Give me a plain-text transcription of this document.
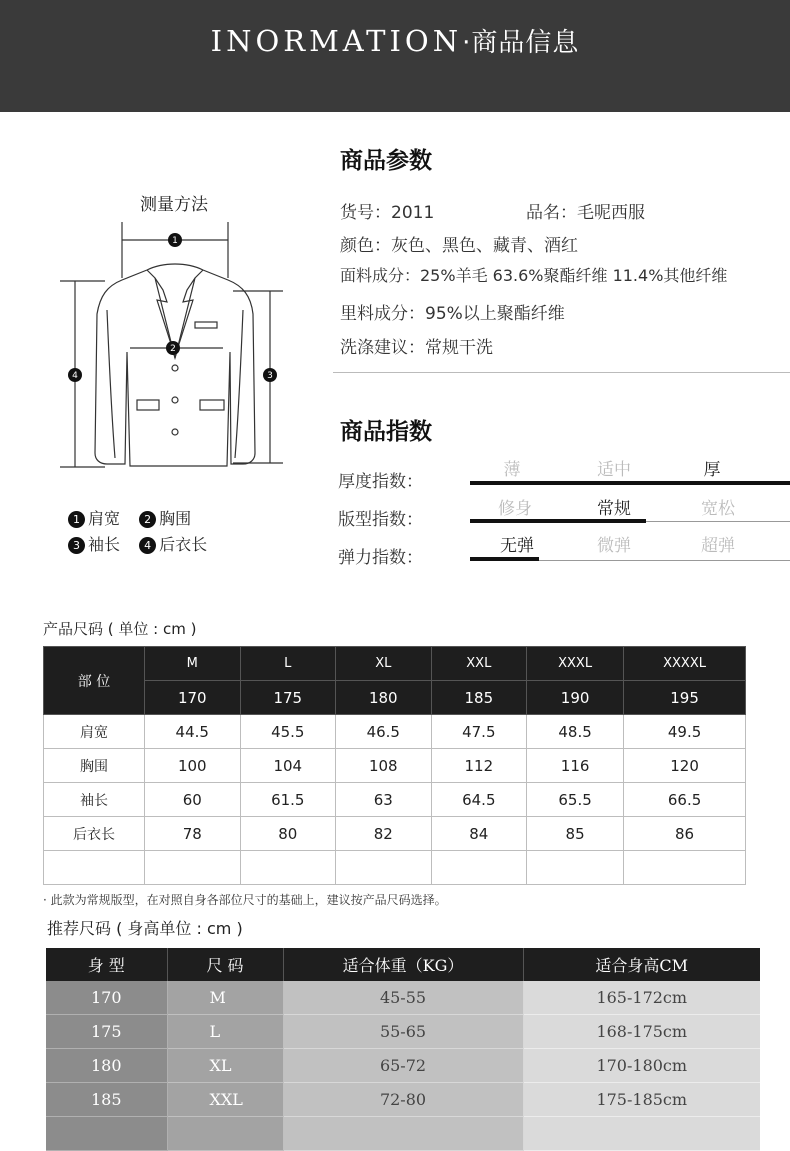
INORMATION·商品信息
测量方法
1
2
3
4
1 肩宽 2 胸围
3 袖长 4 后衣长
商品参数
货号：2011	品名：毛呢西服
颜色：灰色、黑色、藏青、酒红
面料成分：25%羊毛 63.6%聚酯纤维 11.4%其他纤维
里料成分：95%以上聚酯纤维
洗涤建议：常规干洗
商品指数
厚度指数：
薄	适中	厚
版型指数：
修身	常规	宽松
弹力指数：
无弹	微弹	超弹
产品尺码 ( 单位 : cm )
部 位	M	L	XL	XXL	XXXL	XXXXL
	170	175	180	185	190	195
肩宽	44.5	45.5	46.5	47.5	48.5	49.5
胸围	100	104	108	112	116	120
袖长	60	61.5	63	64.5	65.5	66.5
后衣长	78	80	82	84	85	86

· 此款为常规版型，在对照自身各部位尺寸的基础上，建议按产品尺码选择。
推荐尺码 ( 身高单位 : cm )
身 型	尺 码	适合体重（KG）	适合身高CM
170	M	45-55	165-172cm
175	L	55-65	168-175cm
180	XL	65-72	170-180cm
185	XXL	72-80	175-185cm
